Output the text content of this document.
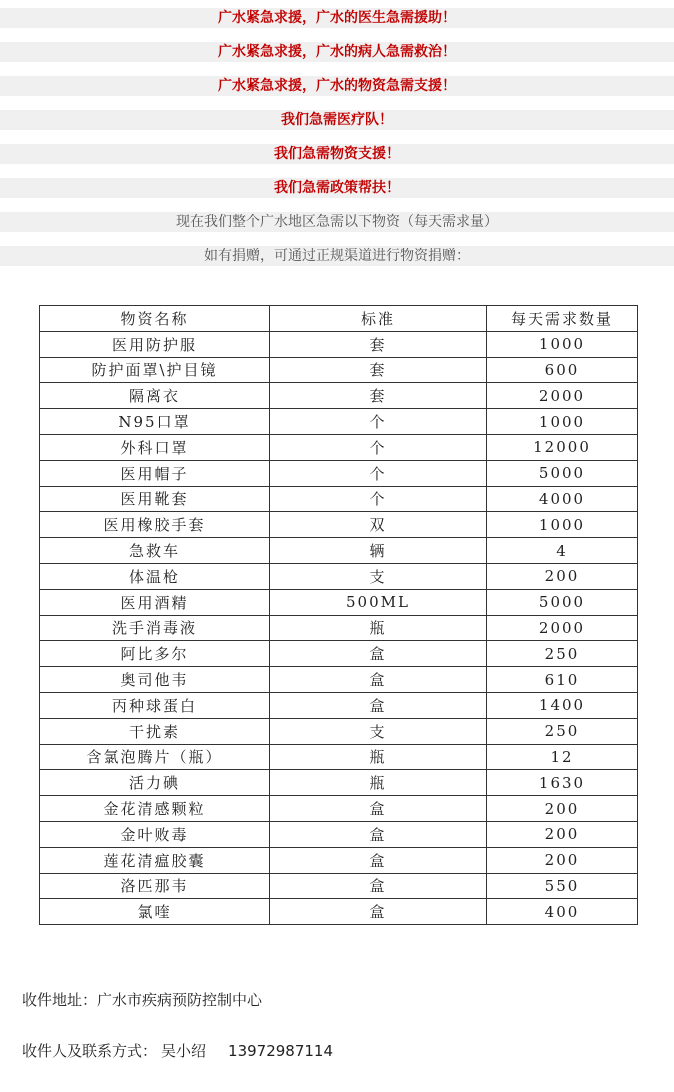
广水紧急求援，广水的医生急需援助！
广水紧急求援，广水的病人急需救治！
广水紧急求援，广水的物资急需支援！
我们急需医疗队！
我们急需物资支援！
我们急需政策帮扶！
现在我们整个广水地区急需以下物资（每天需求量）
如有捐赠，可通过正规渠道进行物资捐赠：
物资名称	标准	每天需求数量
医用防护服	套	1000
防护面罩\护目镜	套	600
隔离衣	套	2000
N95口罩	个	1000
外科口罩	个	12000
医用帽子	个	5000
医用靴套	个	4000
医用橡胶手套	双	1000
急救车	辆	4
体温枪	支	200
医用酒精	500ML	5000
洗手消毒液	瓶	2000
阿比多尔	盒	250
奥司他韦	盒	610
丙种球蛋白	盒	1400
干扰素	支	250
含氯泡腾片（瓶）	瓶	12
活力碘	瓶	1630
金花清感颗粒	盒	200
金叶败毒	盒	200
莲花清瘟胶囊	盒	200
洛匹那韦	盒	550
氯喹	盒	400
收件地址：广水市疾病预防控制中心
收件人及联系方式： 吴小绍 13972987114
